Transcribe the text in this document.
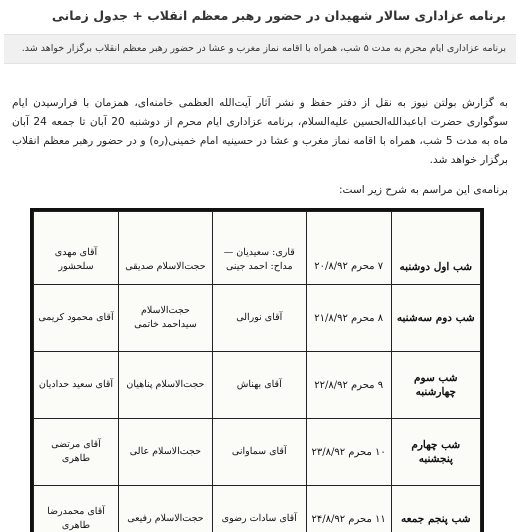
برنامه عزاداری سالار شهیدان در حضور رهبر معظم انقلاب + جدول زمانی
برنامه عزاداری ایام محرم به مدت ۵ شب، همراه با اقامه نماز مغرب و عشا در حضور رهبر معظم انقلاب برگزار خواهد شد.
به گزارش بولتن نیوز به نقل از دفتر حفظ و نشر آثار آیت‌الله العظمی خامنه‌ای، همزمان با فرارسیدن ایام سوگواری حضرت اباعبدالله‌الحسین علیه‌السلام، برنامه عزاداری ایام محرم از دوشنبه 20 آبان تا جمعه 24 آبان ماه به مدت 5 شب، همراه با اقامه نماز مغرب و عشا در حسینیه امام خمینی(ره) و در حضور رهبر معظم انقلاب برگزار خواهد شد.
برنامه‌ی این مراسم به شرح زیر است:
شب اول دوشنبه	۷ محرم ۲۰/۸/۹۲	قاری: سعیدیان — مداح: احمد جینی	حجت‌الاسلام صدیقی	آقای مهدی سلحشور
شب دوم سه‌شنبه	۸ محرم ۲۱/۸/۹۲	آقای نورالی	حجت‌الاسلام سیداحمد خاتمی	آقای محمود کریمی
شب سوم چهارشنبه	۹ محرم ۲۲/۸/۹۲	آقای بهناش	حجت‌الاسلام پناهیان	آقای سعید حدادیان
شب چهارم پنجشنبه	۱۰ محرم ۲۳/۸/۹۲	آقای سماوانی	حجت‌الاسلام عالی	آقای مرتضی طاهری
شب پنجم جمعه	۱۱ محرم ۲۴/۸/۹۲	آقای سادات رضوی	حجت‌الاسلام رفیعی	آقای محمدرضا طاهری
